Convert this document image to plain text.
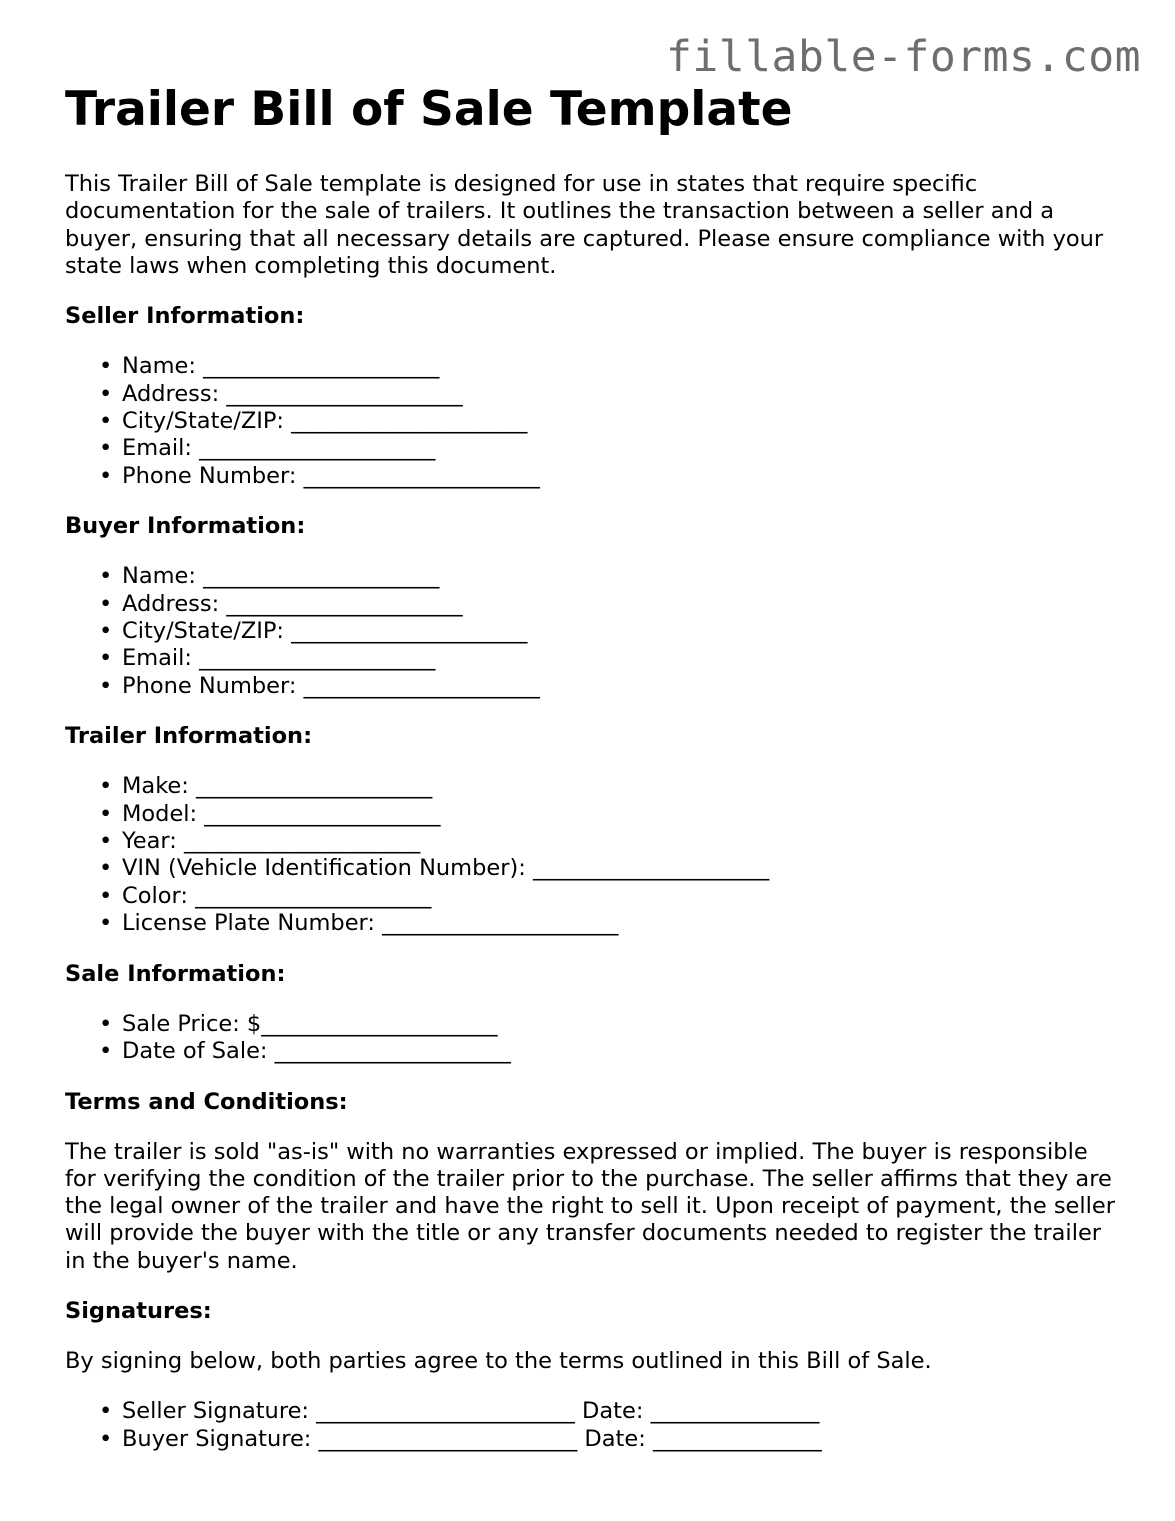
fillable-forms.com
Trailer Bill of Sale Template

This Trailer Bill of Sale template is designed for use in states that require specific documentation for the sale of trailers. It outlines the transaction between a seller and a buyer, ensuring that all necessary details are captured. Please ensure compliance with your state laws when completing this document.

Seller Information:
• Name: _____________________
• Address: _____________________
• City/State/ZIP: _____________________
• Email: _____________________
• Phone Number: _____________________
Buyer Information:
• Name: _____________________
• Address: _____________________
• City/State/ZIP: _____________________
• Email: _____________________
• Phone Number: _____________________
Trailer Information:
• Make: _____________________
• Model: _____________________
• Year: _____________________
• VIN (Vehicle Identification Number): _____________________
• Color: _____________________
• License Plate Number: _____________________
Sale Information:
• Sale Price: $_____________________
• Date of Sale: _____________________
Terms and Conditions:

The trailer is sold "as-is" with no warranties expressed or implied. The buyer is responsible for verifying the condition of the trailer prior to the purchase. The seller affirms that they are the legal owner of the trailer and have the right to sell it. Upon receipt of payment, the seller will provide the buyer with the title or any transfer documents needed to register the trailer in the buyer's name.

Signatures:

By signing below, both parties agree to the terms outlined in this Bill of Sale.

• Seller Signature: _______________________ Date: _______________
• Buyer Signature: _______________________ Date: _______________
